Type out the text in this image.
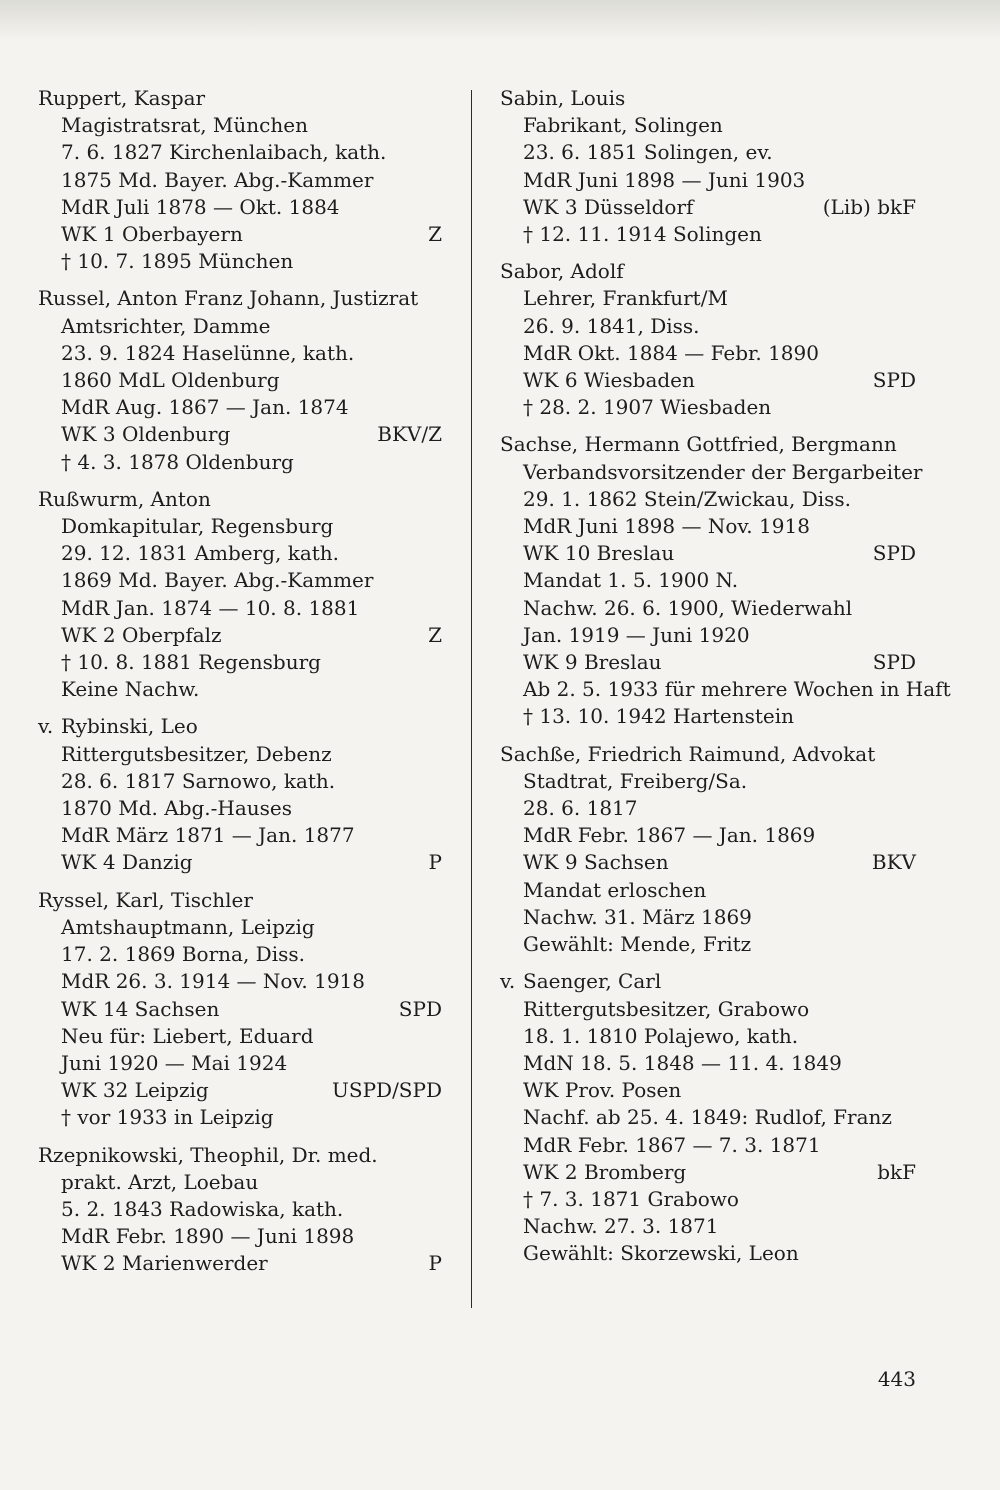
Ruppert, Kaspar
Magistratsrat, München
7. 6. 1827 Kirchenlaibach, kath.
1875 Md. Bayer. Abg.-Kammer
MdR Juli 1878 — Okt. 1884
WK 1 Oberbayern	Z
† 10. 7. 1895 München
Russel, Anton Franz Johann, Justizrat
Amtsrichter, Damme
23. 9. 1824 Haselünne, kath.
1860 MdL Oldenburg
MdR Aug. 1867 — Jan. 1874
WK 3 Oldenburg	BKV/Z
† 4. 3. 1878 Oldenburg
Rußwurm, Anton
Domkapitular, Regensburg
29. 12. 1831 Amberg, kath.
1869 Md. Bayer. Abg.-Kammer
MdR Jan. 1874 — 10. 8. 1881
WK 2 Oberpfalz	Z
† 10. 8. 1881 Regensburg
Keine Nachw.
v. Rybinski, Leo
Rittergutsbesitzer, Debenz
28. 6. 1817 Sarnowo, kath.
1870 Md. Abg.-Hauses
MdR März 1871 — Jan. 1877
WK 4 Danzig	P
Ryssel, Karl, Tischler
Amtshauptmann, Leipzig
17. 2. 1869 Borna, Diss.
MdR 26. 3. 1914 — Nov. 1918
WK 14 Sachsen	SPD
Neu für: Liebert, Eduard
Juni 1920 — Mai 1924
WK 32 Leipzig	USPD/SPD
† vor 1933 in Leipzig
Rzepnikowski, Theophil, Dr. med.
prakt. Arzt, Loebau
5. 2. 1843 Radowiska, kath.
MdR Febr. 1890 — Juni 1898
WK 2 Marienwerder	P
Sabin, Louis
Fabrikant, Solingen
23. 6. 1851 Solingen, ev.
MdR Juni 1898 — Juni 1903
WK 3 Düsseldorf	(Lib) bkF
† 12. 11. 1914 Solingen
Sabor, Adolf
Lehrer, Frankfurt/M
26. 9. 1841, Diss.
MdR Okt. 1884 — Febr. 1890
WK 6 Wiesbaden	SPD
† 28. 2. 1907 Wiesbaden
Sachse, Hermann Gottfried, Bergmann
Verbandsvorsitzender der Bergarbeiter
29. 1. 1862 Stein/Zwickau, Diss.
MdR Juni 1898 — Nov. 1918
WK 10 Breslau	SPD
Mandat 1. 5. 1900 N.
Nachw. 26. 6. 1900, Wiederwahl
Jan. 1919 — Juni 1920
WK 9 Breslau	SPD
Ab 2. 5. 1933 für mehrere Wochen in Haft
† 13. 10. 1942 Hartenstein
Sachße, Friedrich Raimund, Advokat
Stadtrat, Freiberg/Sa.
28. 6. 1817
MdR Febr. 1867 — Jan. 1869
WK 9 Sachsen	BKV
Mandat erloschen
Nachw. 31. März 1869
Gewählt: Mende, Fritz
v. Saenger, Carl
Rittergutsbesitzer, Grabowo
18. 1. 1810 Polajewo, kath.
MdN 18. 5. 1848 — 11. 4. 1849
WK Prov. Posen
Nachf. ab 25. 4. 1849: Rudlof, Franz
MdR Febr. 1867 — 7. 3. 1871
WK 2 Bromberg	bkF
† 7. 3. 1871 Grabowo
Nachw. 27. 3. 1871
Gewählt: Skorzewski, Leon
443
